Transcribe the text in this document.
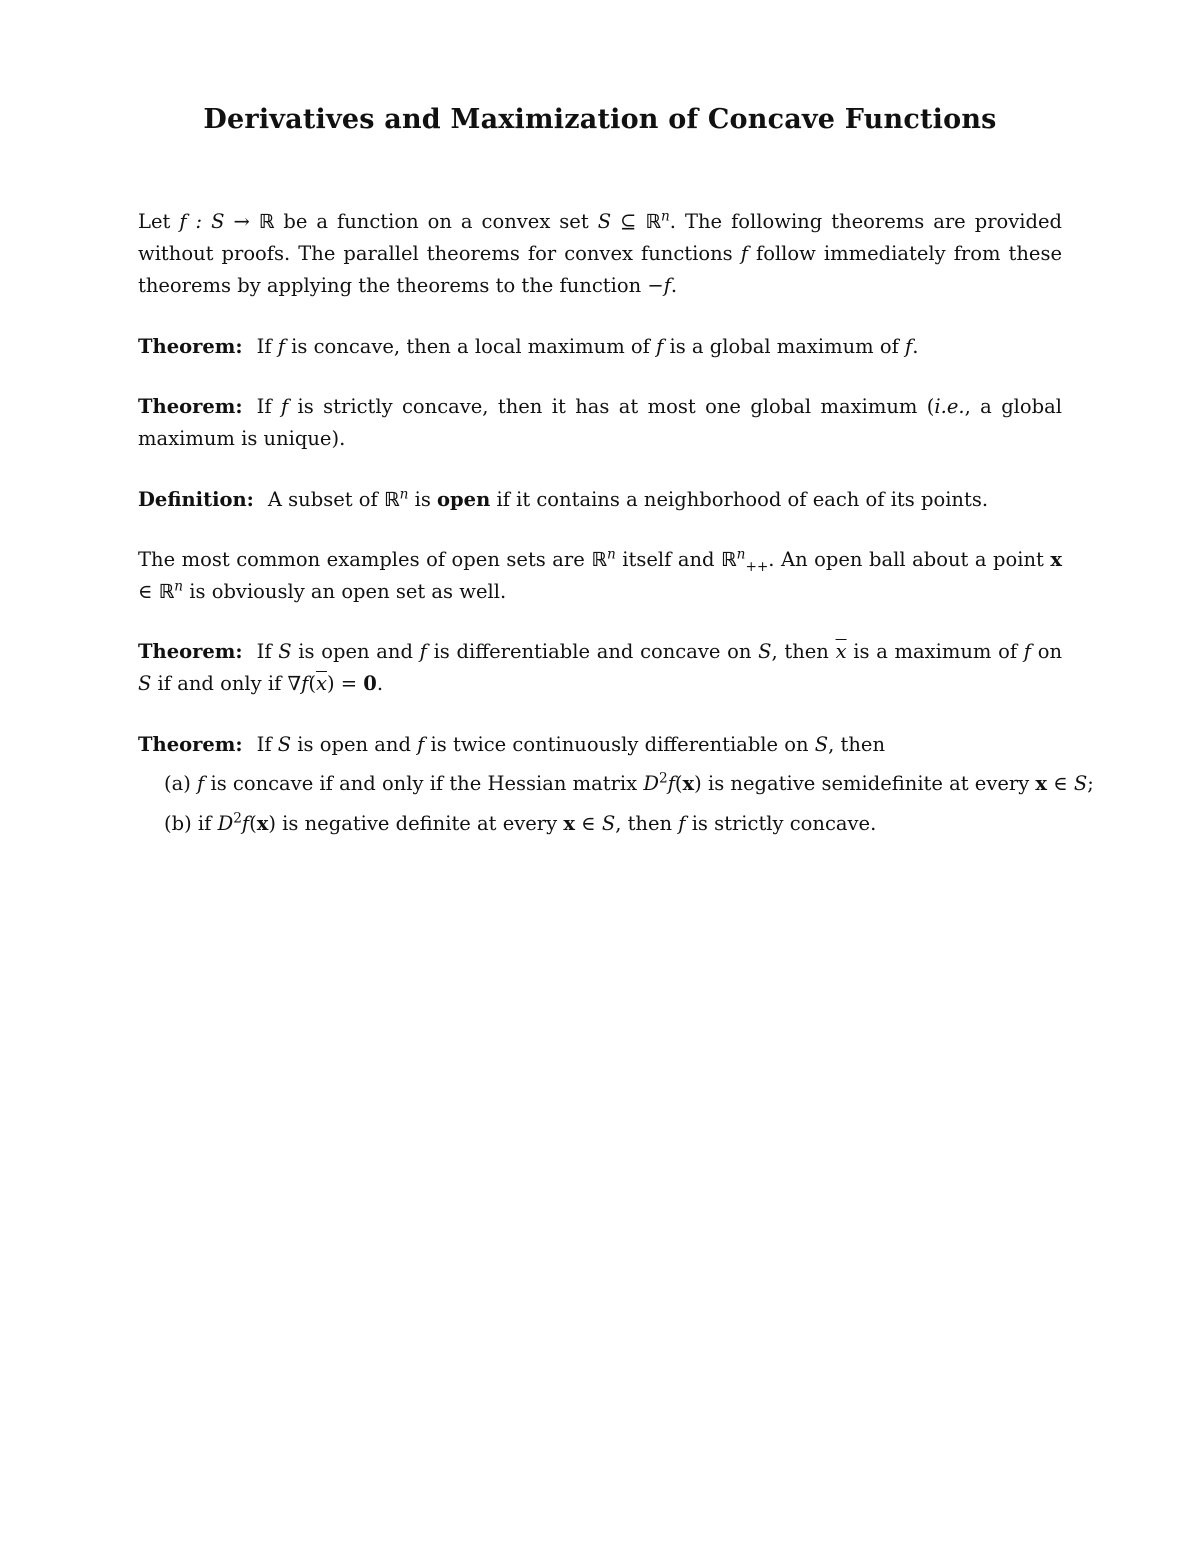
Derivatives and Maximization of Concave Functions

Let f : S → ℝ be a function on a convex set S ⊆ ℝ$^n$. The following theorems are provided without proofs. The parallel theorems for convex functions f follow immediately from these theorems by applying the theorems to the function −f.

Theorem: If f is concave, then a local maximum of f is a global maximum of f.

Theorem: If f is strictly concave, then it has at most one global maximum (i.e., a global maximum is unique).

Definition: A subset of ℝ$^n$ is open if it contains a neighborhood of each of its points.

The most common examples of open sets are ℝ$^n$ itself and ℝ$^n_{++}$. An open ball about a point x ∈ ℝ$^n$ is obviously an open set as well.

Theorem: If S is open and f is differentiable and concave on S, then $\overline{x}$ is a maximum of f on S if and only if $\nabla f(\overline{x}) = 0$.

Theorem: If S is open and f is twice continuously differentiable on S, then

(a) f is concave if and only if the Hessian matrix $D^2f(x)$ is negative semidefinite at every x ∈ S;
(b) if $D^2f(x)$ is negative definite at every x ∈ S, then f is strictly concave.
